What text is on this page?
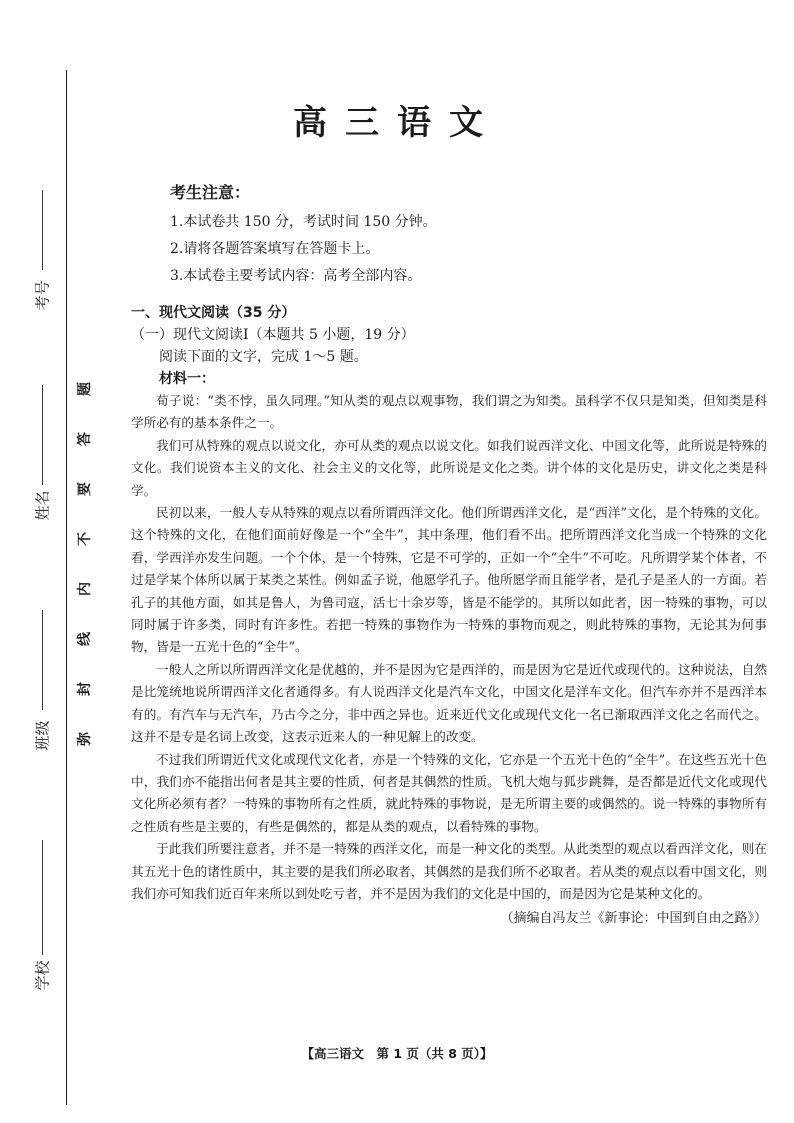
考号
姓名
班级
学校
题
答
要
不
内
线
封
弥
高三语文
考生注意：
1.本试卷共 150 分，考试时间 150 分钟。
2.请将各题答案填写在答题卡上。
3.本试卷主要考试内容：高考全部内容。
一、现代文阅读（35 分）
（一）现代文阅读Ⅰ（本题共 5 小题，19 分）
阅读下面的文字，完成 1～5 题。
材料一：

荀子说：“类不悖，虽久同理。”知从类的观点以观事物，我们谓之为知类。虽科学不仅只是知类，但知类是科学所必有的基本条件之一。

我们可从特殊的观点以说文化，亦可从类的观点以说文化。如我们说西洋文化、中国文化等，此所说是特殊的文化。我们说资本主义的文化、社会主义的文化等，此所说是文化之类。讲个体的文化是历史，讲文化之类是科学。

民初以来，一般人专从特殊的观点以看所谓西洋文化。他们所谓西洋文化，是“西洋”文化，是个特殊的文化。这个特殊的文化，在他们面前好像是一个“全牛”，其中条理，他们看不出。把所谓西洋文化当成一个特殊的文化看，学西洋亦发生问题。一个个体，是一个特殊，它是不可学的，正如一个“全牛”不可吃。凡所谓学某个体者，不过是学某个体所以属于某类之某性。例如孟子说，他愿学孔子。他所愿学而且能学者，是孔子是圣人的一方面。若孔子的其他方面，如其是鲁人，为鲁司寇，活七十余岁等，皆是不能学的。其所以如此者，因一特殊的事物，可以同时属于许多类，同时有许多性。若把一特殊的事物作为一特殊的事物而观之，则此特殊的事物，无论其为何事物，皆是一五光十色的“全牛”。

一般人之所以所谓西洋文化是优越的，并不是因为它是西洋的，而是因为它是近代或现代的。这种说法，自然是比笼统地说所谓西洋文化者通得多。有人说西洋文化是汽车文化，中国文化是洋车文化。但汽车亦并不是西洋本有的。有汽车与无汽车，乃古今之分，非中西之异也。近来近代文化或现代文化一名已渐取西洋文化之名而代之。这并不是专是名词上改变，这表示近来人的一种见解上的改变。

不过我们所谓近代文化或现代文化者，亦是一个特殊的文化，它亦是一个五光十色的“全牛”。在这些五光十色中，我们亦不能指出何者是其主要的性质，何者是其偶然的性质。飞机大炮与狐步跳舞，是否都是近代文化或现代文化所必须有者？一特殊的事物所有之性质，就此特殊的事物说，是无所谓主要的或偶然的。说一特殊的事物所有之性质有些是主要的，有些是偶然的，都是从类的观点，以看特殊的事物。

于此我们所要注意者，并不是一特殊的西洋文化，而是一种文化的类型。从此类型的观点以看西洋文化，则在其五光十色的诸性质中，其主要的是我们所必取者，其偶然的是我们所不必取者。若从类的观点以看中国文化，则我们亦可知我们近百年来所以到处吃亏者，并不是因为我们的文化是中国的，而是因为它是某种文化的。

（摘编自冯友兰《新事论：中国到自由之路》）
【高三语文　第 1 页（共 8 页）】
